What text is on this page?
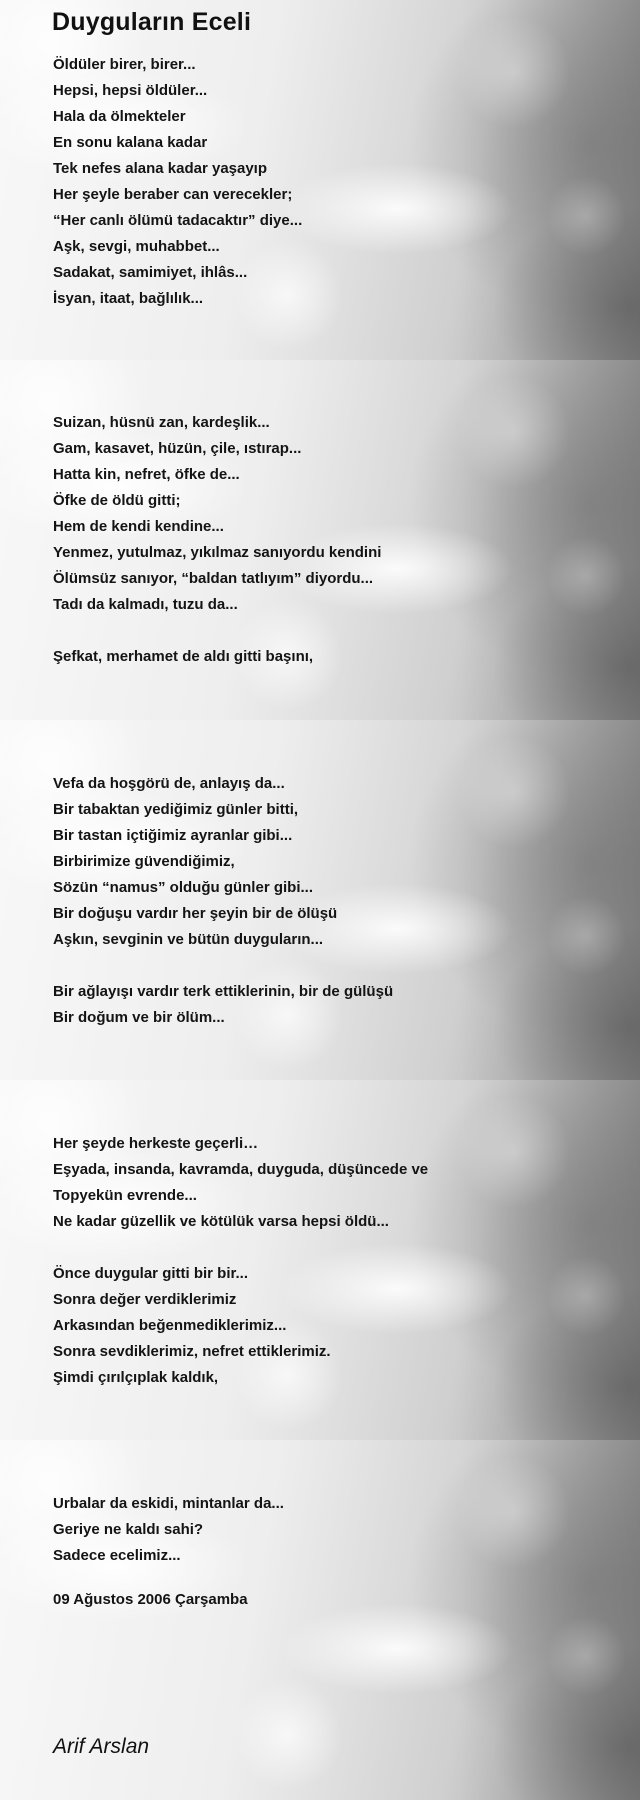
Duyguların Eceli
Öldüler birer, birer...
Hepsi, hepsi öldüler...
Hala da ölmekteler
En sonu kalana kadar
Tek nefes alana kadar yaşayıp
Her şeyle beraber can verecekler;
“Her canlı ölümü tadacaktır” diye...
Aşk, sevgi, muhabbet...
Sadakat, samimiyet, ihlâs...
İsyan, itaat, bağlılık...
Suizan, hüsnü zan, kardeşlik...
Gam, kasavet, hüzün, çile, ıstırap...
Hatta kin, nefret, öfke de...
Öfke de öldü gitti;
Hem de kendi kendine...
Yenmez, yutulmaz, yıkılmaz sanıyordu kendini
Ölümsüz sanıyor, “baldan tatlıyım” diyordu...
Tadı da kalmadı, tuzu da...
Şefkat, merhamet de aldı gitti başını,
Vefa da hoşgörü de, anlayış da...
Bir tabaktan yediğimiz günler bitti,
Bir tastan içtiğimiz ayranlar gibi...
Birbirimize güvendiğimiz,
Sözün “namus” olduğu günler gibi...
Bir doğuşu vardır her şeyin bir de ölüşü
Aşkın, sevginin ve bütün duyguların...
Bir ağlayışı vardır terk ettiklerinin, bir de gülüşü
Bir doğum ve bir ölüm...
Her şeyde herkeste geçerli…
Eşyada, insanda, kavramda, duyguda, düşüncede ve
Topyekün evrende...
Ne kadar güzellik ve kötülük varsa hepsi öldü...
Önce duygular gitti bir bir...
Sonra değer verdiklerimiz
Arkasından beğenmediklerimiz...
Sonra sevdiklerimiz, nefret ettiklerimiz.
Şimdi çırılçıplak kaldık,
Urbalar da eskidi, mintanlar da...
Geriye ne kaldı sahi?
Sadece ecelimiz...
09 Ağustos 2006 Çarşamba
Arif Arslan
